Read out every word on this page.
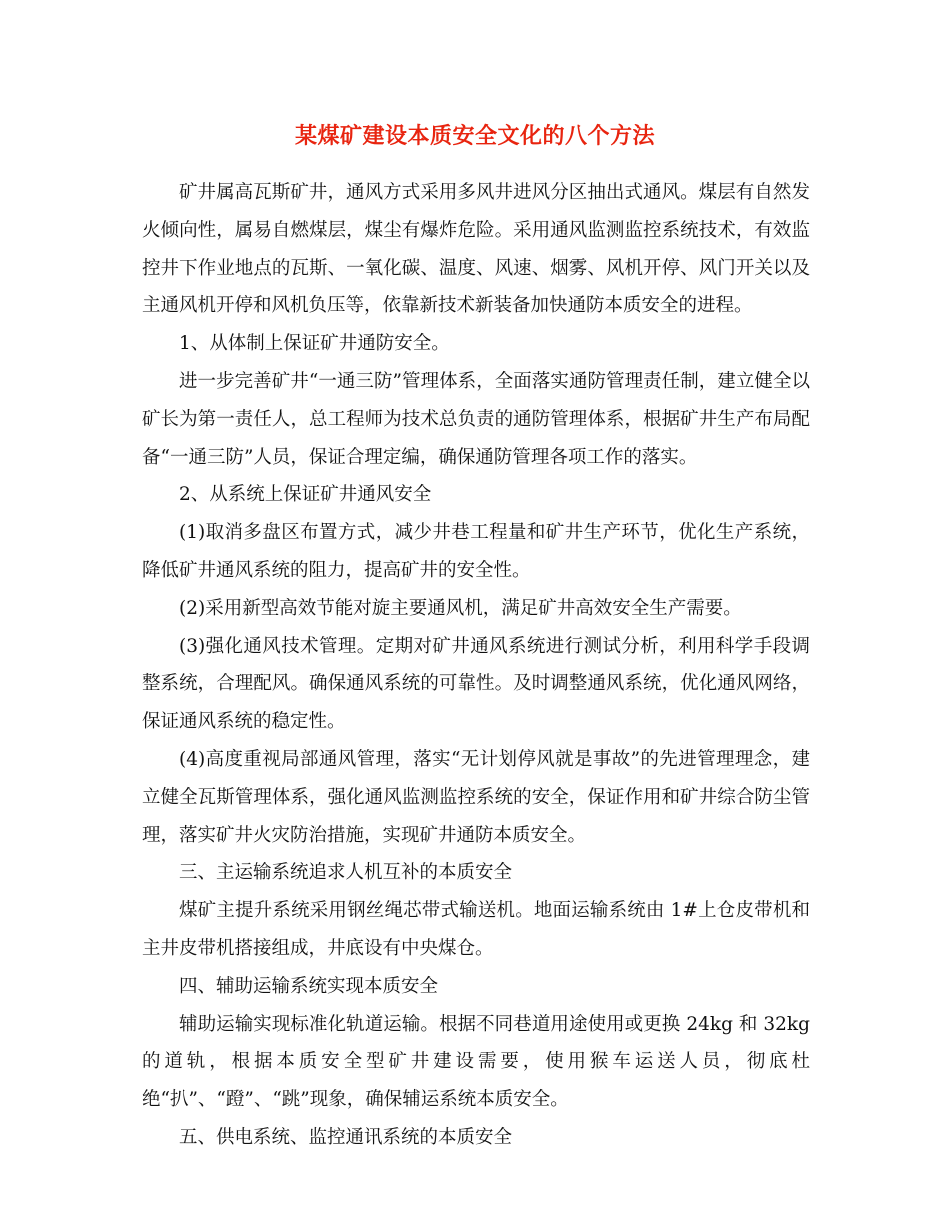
某煤矿建设本质安全文化的八个方法

矿井属高瓦斯矿井，通风方式采用多风井进风分区抽出式通风。煤层有自然发火倾向性，属易自燃煤层，煤尘有爆炸危险。采用通风监测监控系统技术，有效监控井下作业地点的瓦斯、一氧化碳、温度、风速、烟雾、风机开停、风门开关以及主通风机开停和风机负压等，依靠新技术新装备加快通防本质安全的进程。

1、从体制上保证矿井通防安全。

进一步完善矿井“一通三防”管理体系，全面落实通防管理责任制，建立健全以矿长为第一责任人，总工程师为技术总负责的通防管理体系，根据矿井生产布局配备“一通三防”人员，保证合理定编，确保通防管理各项工作的落实。

2、从系统上保证矿井通风安全

(1)取消多盘区布置方式，减少井巷工程量和矿井生产环节，优化生产系统，降低矿井通风系统的阻力，提高矿井的安全性。

(2)采用新型高效节能对旋主要通风机，满足矿井高效安全生产需要。

(3)强化通风技术管理。定期对矿井通风系统进行测试分析，利用科学手段调整系统，合理配风。确保通风系统的可靠性。及时调整通风系统，优化通风网络，保证通风系统的稳定性。

(4)高度重视局部通风管理，落实“无计划停风就是事故”的先进管理理念，建立健全瓦斯管理体系，强化通风监测监控系统的安全，保证作用和矿井综合防尘管理，落实矿井火灾防治措施，实现矿井通防本质安全。

三、主运输系统追求人机互补的本质安全

煤矿主提升系统采用钢丝绳芯带式输送机。地面运输系统由 1#上仓皮带机和主井皮带机搭接组成，井底设有中央煤仓。

四、辅助运输系统实现本质安全

辅助运输实现标准化轨道运输。根据不同巷道用途使用或更换 24kg 和 32kg 的道轨，根据本质安全型矿井建设需要，使用猴车运送人员，彻底杜绝“扒”、“蹬”、“跳”现象，确保辅运系统本质安全。

五、供电系统、监控通讯系统的本质安全
